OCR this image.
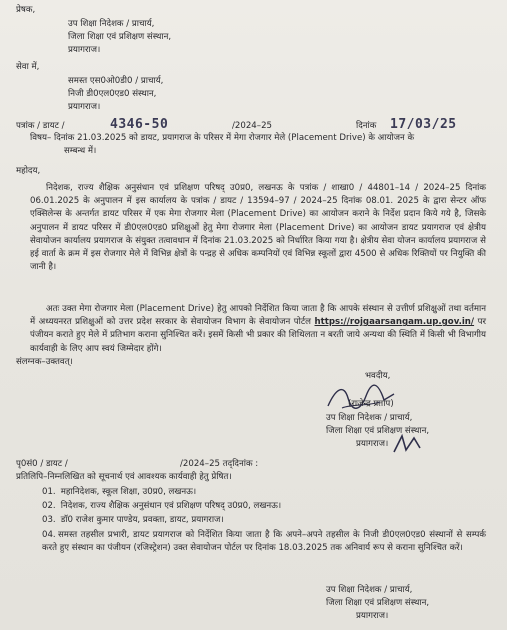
प्रेषक,
उप शिक्षा निदेशक / प्राचार्य,
जिला शिक्षा एवं प्रशिक्षण संस्थान,
प्रयागराज।
सेवा में,
समस्त एस0ओ0डी0 / प्राचार्य,
निजी डी0एल0एड0 संस्थान,
प्रयागराज।
पत्रांक / डायट /	4346-50	/2024–25	दिनांक 17/03/25
विषय– दिनांक 21.03.2025 को डायट, प्रयागराज के परिसर में मेगा रोजगार मेले (Placement Drive) के आयोजन के
सम्बन्ध में।
महोदय,

निदेशक, राज्य शैक्षिक अनुसंधान एवं प्रशिक्षण परिषद् उ0प्र0, लखनऊ के पत्रांक / शाखा0 / 44801–14 / 2024–25 दिनांक 06.01.2025 के अनुपालन में इस कार्यालय के पत्रांक / डायट / 13594–97 / 2024–25 दिनांक 08.01. 2025 के द्वारा सेन्टर ऑफ एक्सिलेन्स के अन्तर्गत डायट परिसर में एक मेगा रोजगार मेला (Placement Drive) का आयोजन कराने के निर्देश प्रदान किये गये है, जिसके अनुपालन में डायट परिसर में डी0एल0एड0 प्रशिक्षुओं हेतु मेगा रोजगार मेला (Placement Drive) का आयोजन डायट प्रयागराज एवं क्षेत्रीय सेवायोजन कार्यालय प्रयागराज के संयुक्त तत्वावधान में दिनांक 21.03.2025 को निर्धारित किया गया है। क्षेत्रीय सेवा योजन कार्यालय प्रयागराज से हई वार्ता के क्रम में इस रोजगार मेले में विभिन्न क्षेत्रों के पन्द्रह से अधिक कम्पनियों एवं विभिन्न स्कूलों द्वारा 4500 से अधिक रिक्तियों पर नियुक्ति की जानी है।

अतः उक्त मेगा रोजगार मेला (Placement Drive) हेतु आपको निर्देशित किया जाता है कि आपके संस्थान से उत्तीर्ण प्रशिक्षुओं तथा वर्तमान में अध्ययनरत प्रशिक्षुओं को उत्तर प्रदेश सरकार के सेवायोजन विभाग के सेवायोजन पोर्टल https://rojgaarsangam.up.gov.in/ पर पंजीयन कराते हुए मेले में प्रतिभाग कराना सुनिश्चित करें। इसमें किसी भी प्रकार की शिथिलता न बरती जाये अन्यथा की स्थिति में किसी भी विभागीय कार्यवाही के लिए आप स्वयं जिम्मेदार होंगे।

संलग्नक–उक्तवत्।
भवदीय,
(राजेन्द्र प्रताप)
उप शिक्षा निदेशक / प्राचार्य,
जिला शिक्षा एवं प्रशिक्षण संस्थान,
प्रयागराज।
पृ0सं0 / डायट /	/2024–25 तद्‌दिनांक :
प्रतिलिपि–निम्नलिखित को सूचनार्थ एवं आवश्यक कार्यवाही हेतु प्रेषित।
01. महानिदेशक, स्कूल शिक्षा, उ0प्र0, लखनऊ।
02. निदेशक, राज्य शैक्षिक अनुसंधान एवं प्रशिक्षण परिषद् उ0प्र0, लखनऊ।
03. डॉ0 राजेश कुमार पाण्डेय, प्रवक्ता, डायट, प्रयागराज।
04. समस्त तहसील प्रभारी, डायट प्रयागराज को निर्देशित किया जाता है कि अपने–अपने तहसील के निजी डी0एल0एड0 संस्थानों से सम्पर्क करते हुए संस्थान का पंजीयन (रजिस्ट्रेशन) उक्त सेवायोजन पोर्टल पर दिनांक 18.03.2025 तक अनिवार्य रूप से कराना सुनिश्चित करें।
उप शिक्षा निदेशक / प्राचार्य,
जिला शिक्षा एवं प्रशिक्षण संस्थान,
प्रयागराज।
